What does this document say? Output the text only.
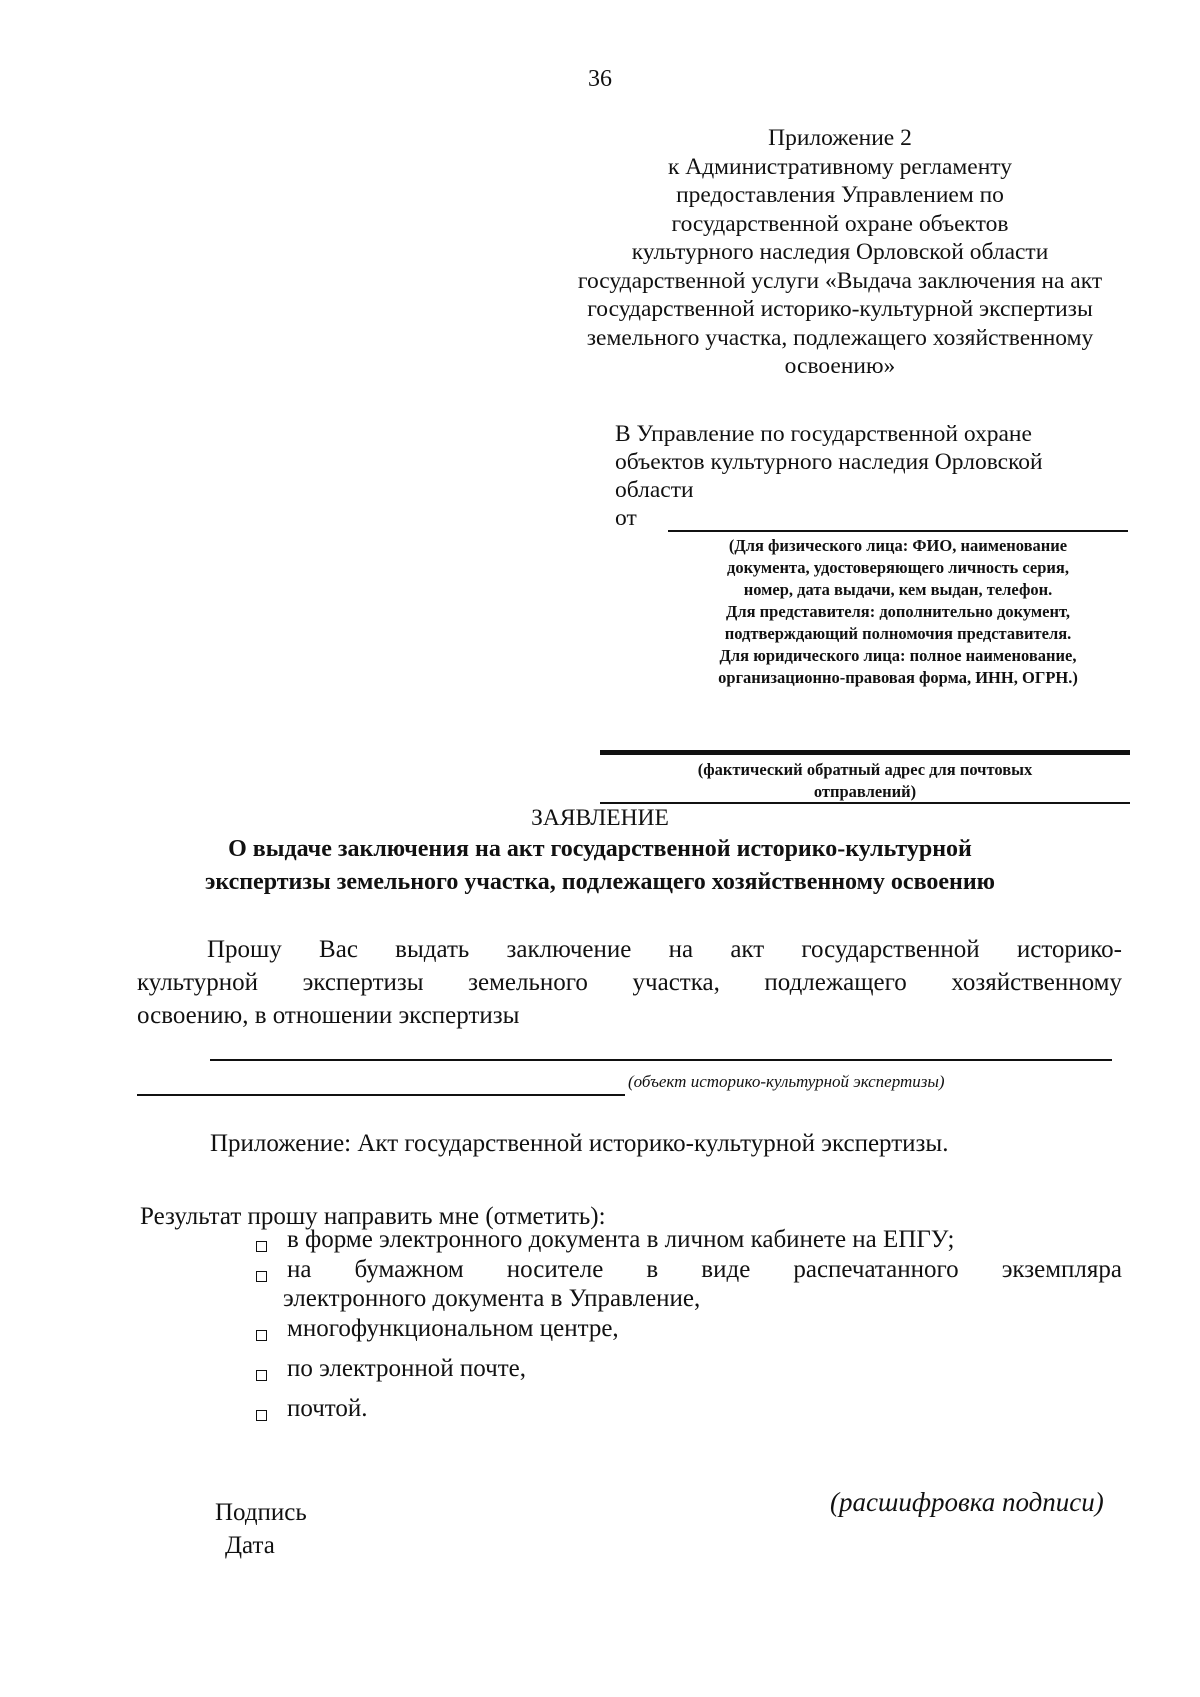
36
Приложение 2
к Административному регламенту
предоставления Управлением по
государственной охране объектов
культурного наследия Орловской области
государственной услуги «Выдача заключения на акт
государственной историко-культурной экспертизы
земельного участка, подлежащего хозяйственному
освоению»
В Управление по государственной охране
объектов культурного наследия Орловской
области
от
(Для физического лица: ФИО, наименование
документа, удостоверяющего личность серия,
номер, дата выдачи, кем выдан, телефон.
Для представителя: дополнительно документ,
подтверждающий полномочия представителя.
Для юридического лица: полное наименование,
организационно-правовая форма, ИНН, ОГРН.)
(фактический обратный адрес для почтовых
отправлений)
ЗАЯВЛЕНИЕ
О выдаче заключения на акт государственной историко-культурной
экспертизы земельного участка, подлежащего хозяйственному освоению
Прошу Вас выдать заключение на акт государственной историко-
культурной экспертизы земельного участка, подлежащего хозяйственному
освоению, в отношении экспертизы
(объект историко-культурной экспертизы)
Приложение: Акт государственной историко-культурной экспертизы.
Результат прошу направить мне (отметить):
в форме электронного документа в личном кабинете на ЕПГУ;
на бумажном носителе в виде распечатанного экземпляра
электронного документа в Управление,
многофункциональном центре,
по электронной почте,
почтой.
Подпись
Дата
(расшифровка подписи)
